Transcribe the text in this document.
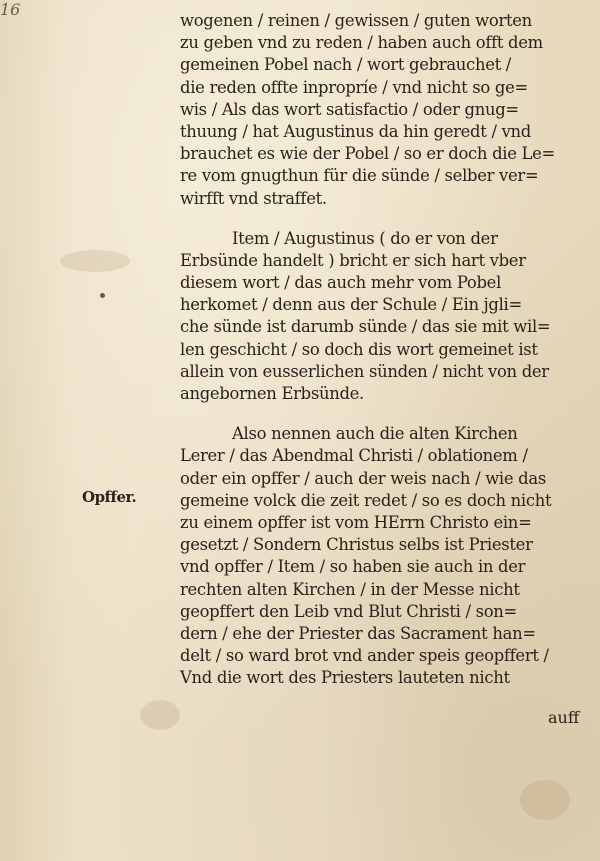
16
Opffer.
wogenen / reinen / gewissen / guten worten
zu geben vnd zu reden / haben auch offt dem
gemeinen Pobel nach / wort gebrauchet /
die reden offte inpropríe / vnd nicht so ge=
wis / Als das wort satisfactio / oder gnug=
thuung / hat Augustinus da hin geredt / vnd
brauchet es wie der Pobel / so er doch die Le=
re vom gnugthun für die sünde / selber ver=
wirfft vnd straffet.
Item / Augustinus ( do er von der
Erbsünde handelt ) bricht er sich hart vber
diesem wort / das auch mehr vom Pobel
herkomet / denn aus der Schule / Ein jgli=
che sünde ist darumb sünde / das sie mit wil=
len geschicht / so doch dis wort gemeinet ist
allein von eusserlichen sünden / nicht von der
angebornen Erbsünde.
Also nennen auch die alten Kirchen
Lerer / das Abendmal Christi / oblationem /
oder ein opffer / auch der weis nach / wie das
gemeine volck die zeit redet / so es doch nicht
zu einem opffer ist vom HErrn Christo ein=
gesetzt / Sondern Christus selbs ist Priester
vnd opffer / Item / so haben sie auch in der
rechten alten Kirchen / in der Messe nicht
geopffert den Leib vnd Blut Christi / son=
dern / ehe der Priester das Sacrament han=
delt / so ward brot vnd ander speis geopffert /
Vnd die wort des Priesters lauteten nicht
auff
